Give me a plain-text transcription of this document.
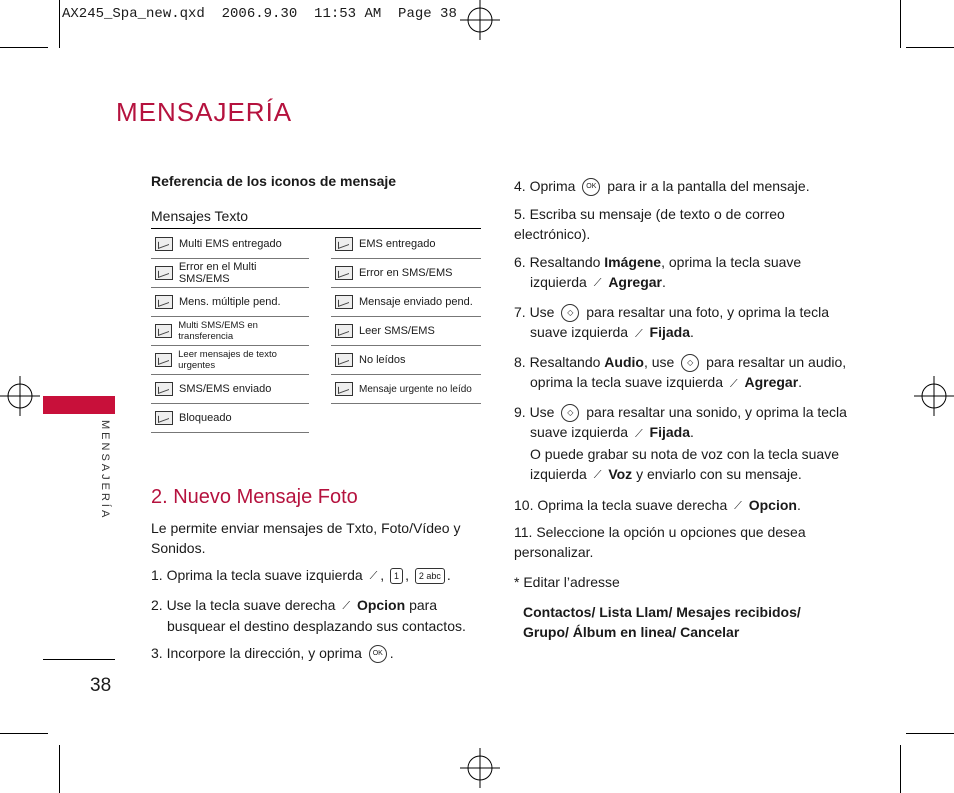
AX245_Spa_new.qxd  2006.9.30  11:53 AM  Page 38
MENSAJERÍA
MENSAJERÍA
38
Referencia de los iconos de mensaje
Mensajes Texto
Multi EMS entregado
Error en el Multi SMS/EMS
Mens. múltiple pend.
Multi SMS/EMS en transferencia
Leer mensajes de texto urgentes
SMS/EMS enviado
Bloqueado
EMS entregado
Error en SMS/EMS
Mensaje enviado pend.
Leer SMS/EMS
No leídos
Mensaje urgente no leído
2. Nuevo Mensaje Foto
Le permite enviar mensajes de Txto, Foto/Vídeo y Sonidos.
1. Oprima la tecla suave izquierda ⟋ , 1 , 2 abc .
2. Use la tecla suave derecha ⟋ Opcion para
busquear el destino desplazando sus contactos.
3. Incorpore la dirección, y oprima OK .
4. Oprima OK para ir a la pantalla del mensaje.
5. Escriba su mensaje (de texto o de correo electrónico).
6. Resaltando Imágene, oprima la tecla suave
izquierda ⟋ Agregar.
7. Use ◇ para resaltar una foto, y oprima la tecla
suave izquierda ⟋ Fijada.
8. Resaltando Audio, use ◇ para resaltar un audio,
oprima la tecla suave izquierda ⟋ Agregar.
9. Use ◇ para resaltar una sonido, y oprima la tecla
suave izquierda ⟋ Fijada.
O puede grabar su nota de voz con la tecla suave
izquierda ⟋ Voz y enviarlo con su mensaje.
10. Oprima la tecla suave derecha ⟋ Opcion.
11. Seleccione la opción u opciones que desea personalizar.
* Editar l’adresse
Contactos/ Lista Llam/ Mesajes recibidos/
Grupo/ Álbum en linea/ Cancelar
